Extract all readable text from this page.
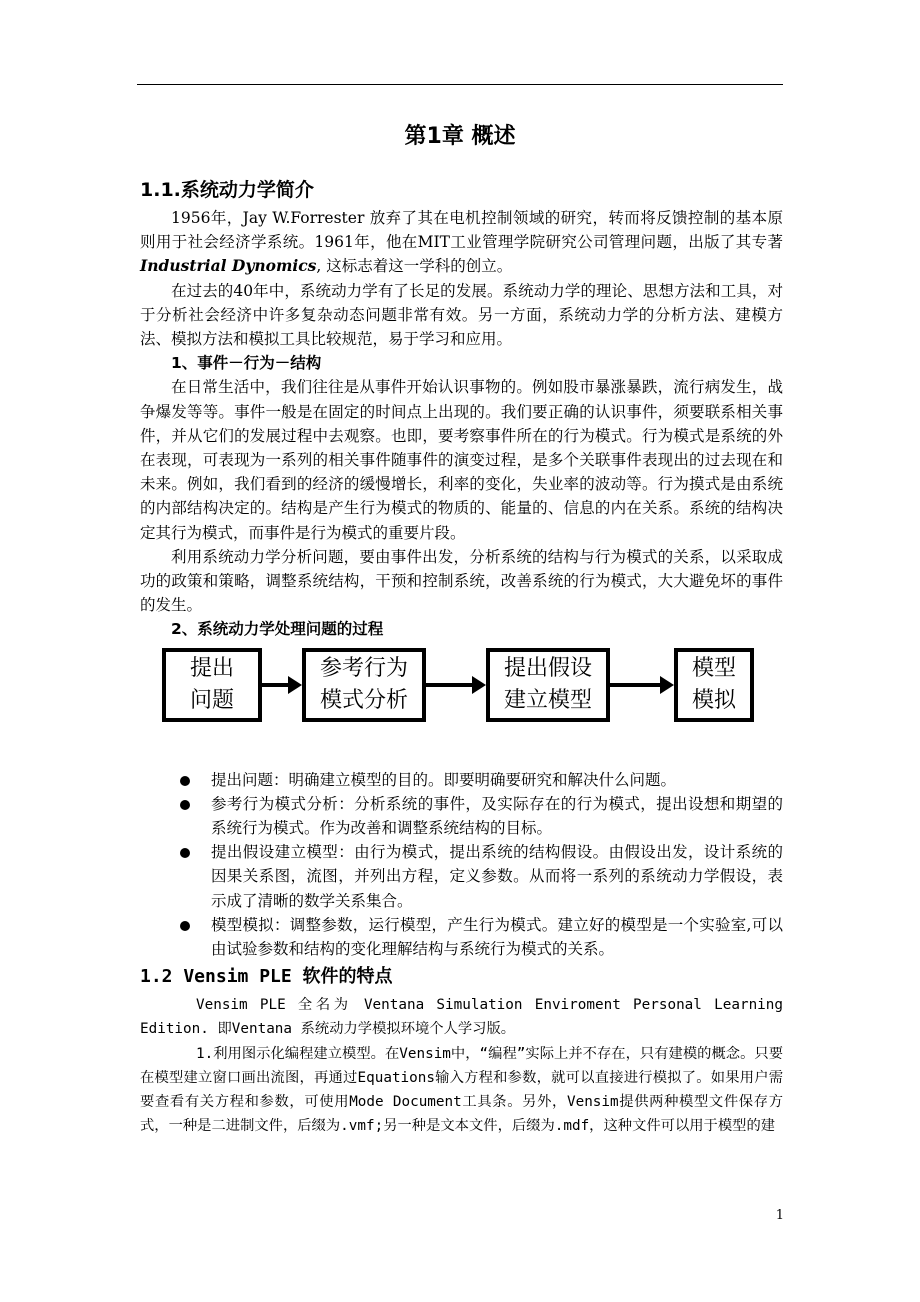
第1章 概述
1.1.系统动力学简介

1956年，Jay W.Forrester 放弃了其在电机控制领域的研究，转而将反馈控制的基本原则用于社会经济学系统。1961年，他在MIT工业管理学院研究公司管理问题，出版了其专著Industrial Dynomics, 这标志着这一学科的创立。

在过去的40年中，系统动力学有了长足的发展。系统动力学的理论、思想方法和工具，对于分析社会经济中许多复杂动态问题非常有效。另一方面，系统动力学的分析方法、建模方法、模拟方法和模拟工具比较规范，易于学习和应用。

1、事件－行为－结构

在日常生活中，我们往往是从事件开始认识事物的。例如股市暴涨暴跌，流行病发生，战争爆发等等。事件一般是在固定的时间点上出现的。我们要正确的认识事件，须要联系相关事件，并从它们的发展过程中去观察。也即，要考察事件所在的行为模式。行为模式是系统的外在表现，可表现为一系列的相关事件随事件的演变过程，是多个关联事件表现出的过去现在和未来。例如，我们看到的经济的缓慢增长，利率的变化，失业率的波动等。行为摸式是由系统的内部结构决定的。结构是产生行为模式的物质的、能量的、信息的内在关系。系统的结构决定其行为模式，而事件是行为模式的重要片段。

利用系统动力学分析问题，要由事件出发，分析系统的结构与行为模式的关系，以采取成功的政策和策略，调整系统结构，干预和控制系统，改善系统的行为模式，大大避免坏的事件的发生。

2、系统动力学处理问题的过程
提出
问题
参考行为
模式分析
提出假设
建立模型
模型
模拟
提出问题：明确建立模型的目的。即要明确要研究和解决什么问题。
参考行为模式分析：分析系统的事件，及实际存在的行为模式，提出设想和期望的系统行为模式。作为改善和调整系统结构的目标。
提出假设建立模型：由行为模式，提出系统的结构假设。由假设出发，设计系统的因果关系图，流图，并列出方程，定义参数。从而将一系列的系统动力学假设，表示成了清晰的数学关系集合。
模型模拟：调整参数，运行模型，产生行为模式。建立好的模型是一个实验室,可以由试验参数和结构的变化理解结构与系统行为模式的关系。
1.2 Vensim PLE 软件的特点

Vensim PLE 全名为 Ventana Simulation Enviroment Personal Learning Edition. 即Ventana 系统动力学模拟环境个人学习版。

1.利用图示化编程建立模型。在Vensim中，“编程”实际上并不存在，只有建模的概念。只要在模型建立窗口画出流图，再通过Equations输入方程和参数，就可以直接进行模拟了。如果用户需要查看有关方程和参数，可使用Mode Document工具条。另外，Vensim提供两种模型文件保存方式，一种是二进制文件，后缀为.vmf;另一种是文本文件，后缀为.mdf，这种文件可以用于模型的建

1
